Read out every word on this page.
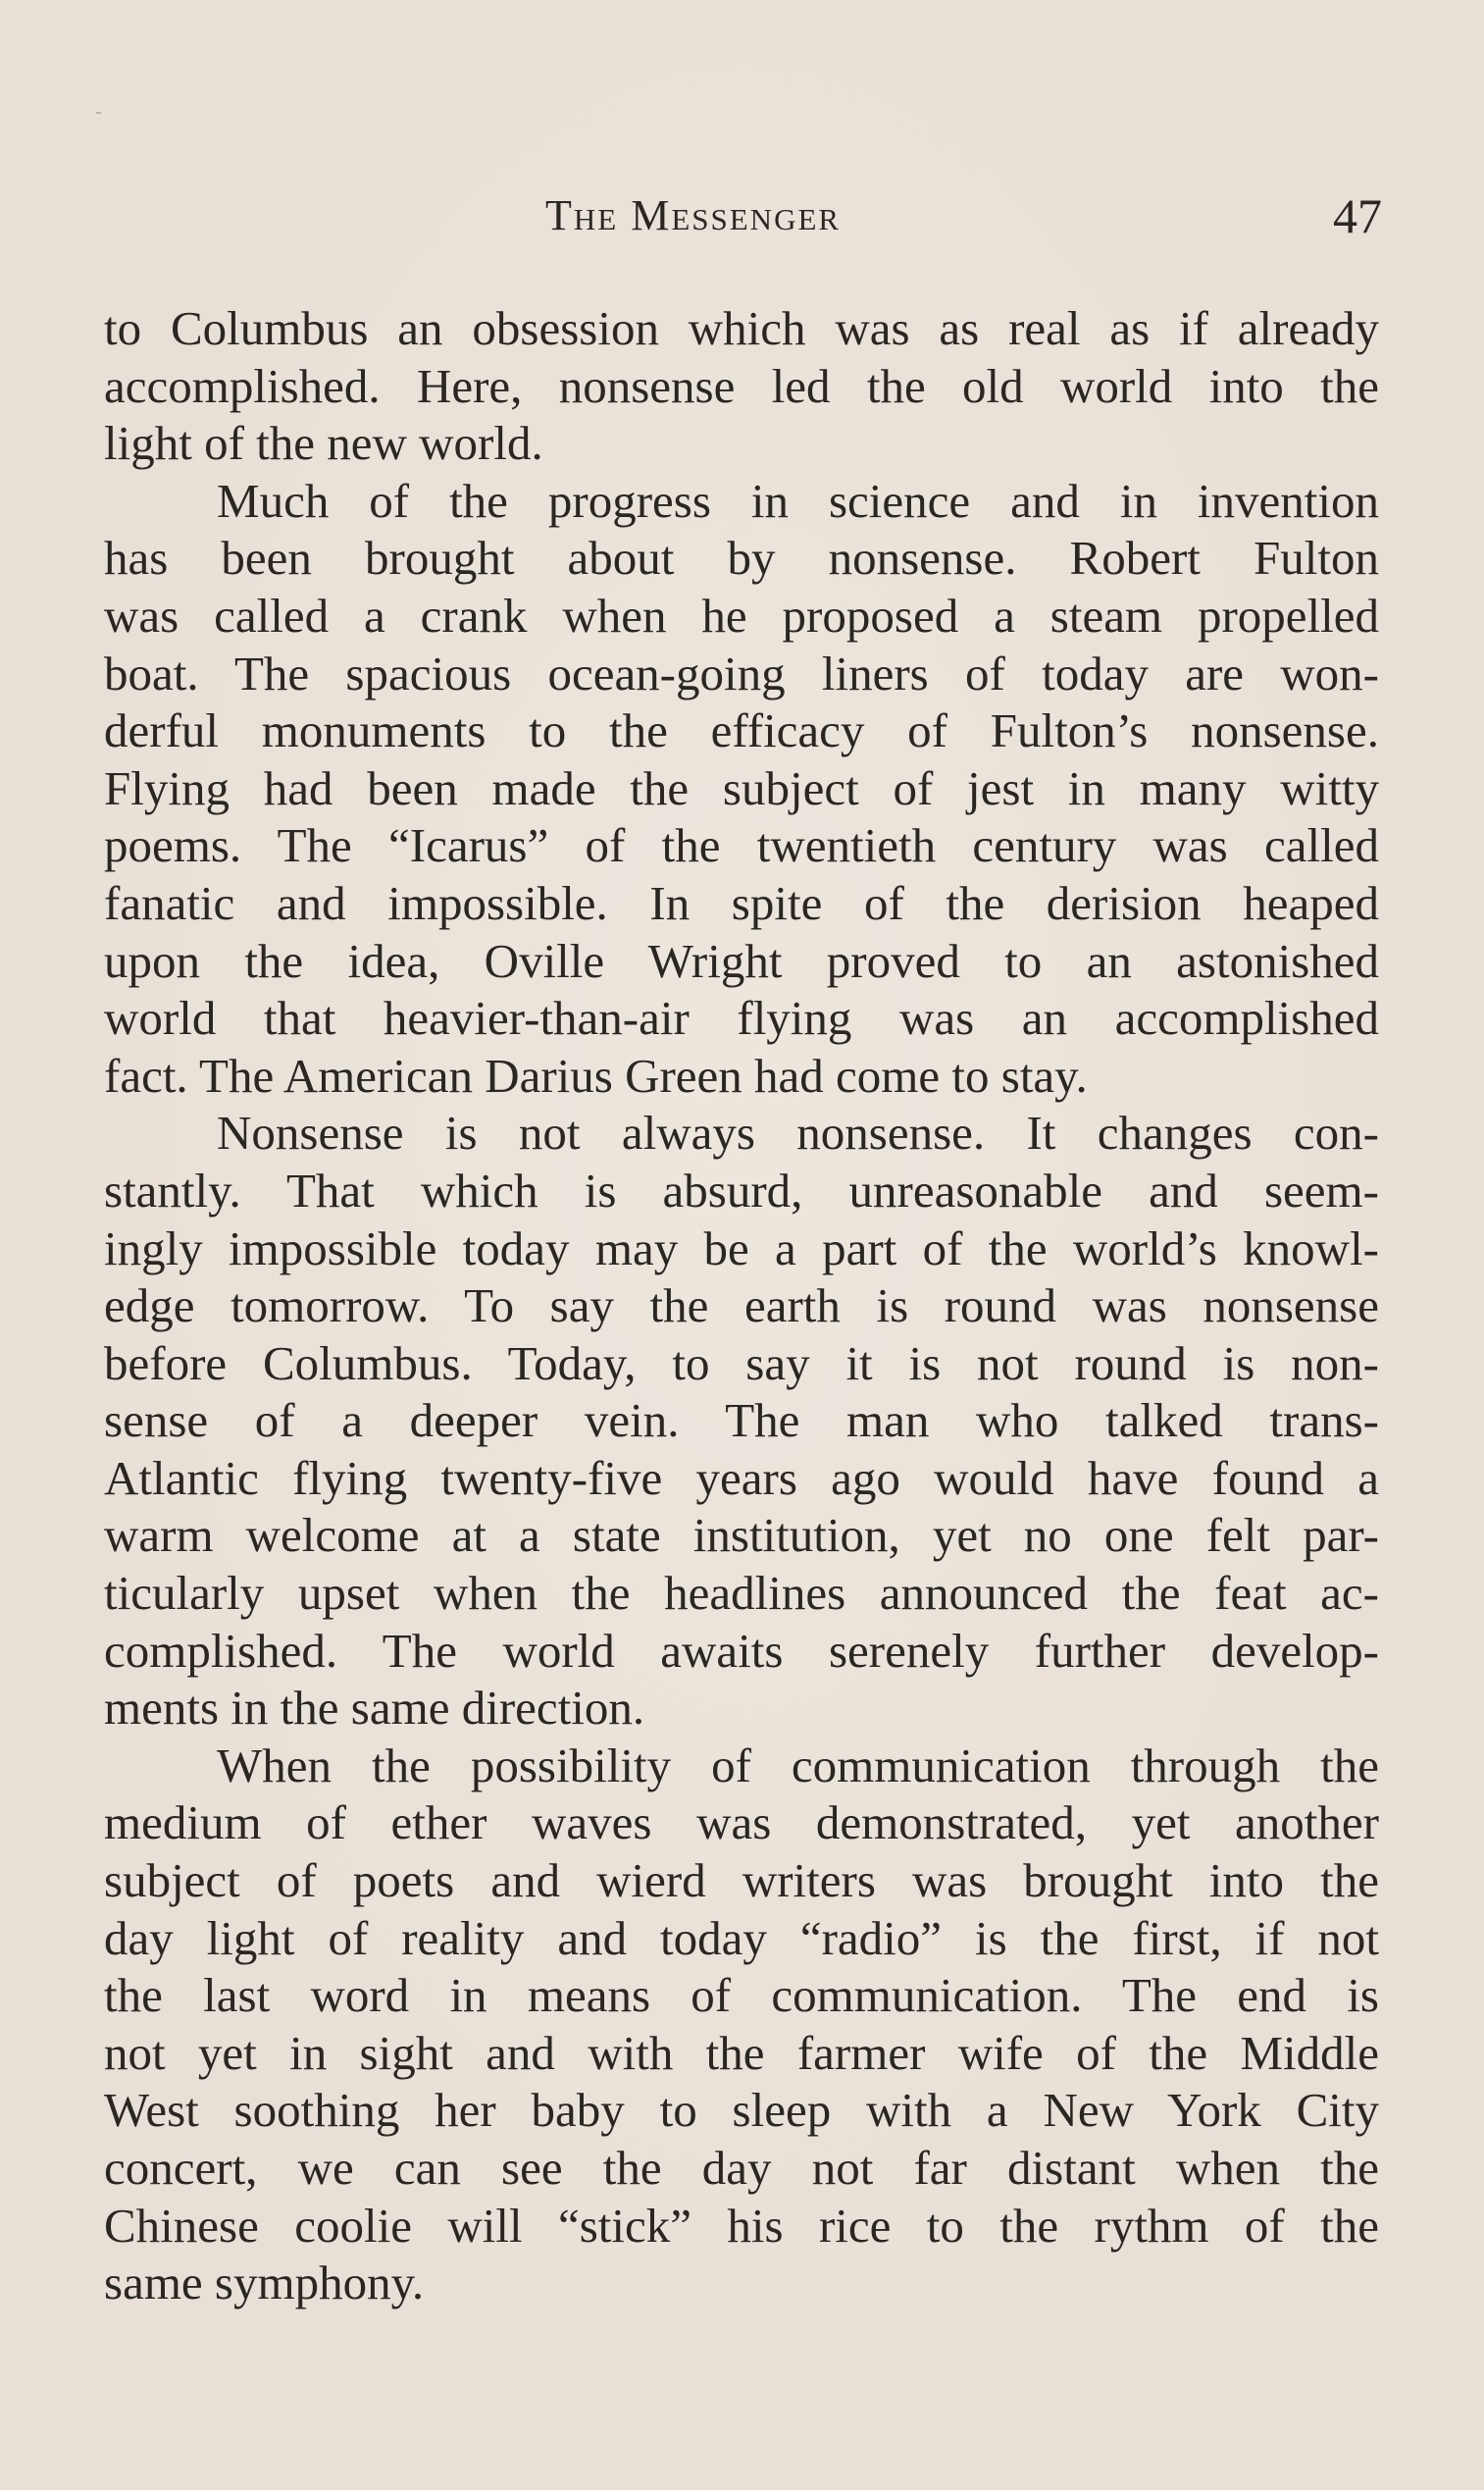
The Messenger	47
to Columbus an obsession which was as real as if already
accomplished. Here, nonsense led the old world into the
light of the new world.
Much of the progress in science and in invention
has been brought about by nonsense. Robert Fulton
was called a crank when he proposed a steam propelled
boat. The spacious ocean-going liners of today are won-
derful monuments to the efficacy of Fulton’s nonsense.
Flying had been made the subject of jest in many witty
poems. The “Icarus” of the twentieth century was called
fanatic and impossible. In spite of the derision heaped
upon the idea, Oville Wright proved to an astonished
world that heavier-than-air flying was an accomplished
fact. The American Darius Green had come to stay.
Nonsense is not always nonsense. It changes con-
stantly. That which is absurd, unreasonable and seem-
ingly impossible today may be a part of the world’s knowl-
edge tomorrow. To say the earth is round was nonsense
before Columbus. Today, to say it is not round is non-
sense of a deeper vein. The man who talked trans-
Atlantic flying twenty-five years ago would have found a
warm welcome at a state institution, yet no one felt par-
ticularly upset when the headlines announced the feat ac-
complished. The world awaits serenely further develop-
ments in the same direction.
When the possibility of communication through the
medium of ether waves was demonstrated, yet another
subject of poets and wierd writers was brought into the
day light of reality and today “radio” is the first, if not
the last word in means of communication. The end is
not yet in sight and with the farmer wife of the Middle
West soothing her baby to sleep with a New York City
concert, we can see the day not far distant when the
Chinese coolie will “stick” his rice to the rythm of the
same symphony.
